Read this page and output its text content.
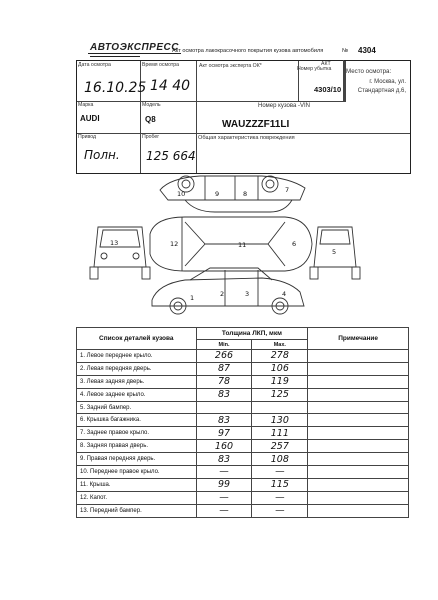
АВТОЭКСПРЕСС
Акт осмотра лакокрасочного покрытия кузова автомобиля	№ 4304
Дата осмотра
16.10.25
Время осмотра
14 40
Акт осмотра эксперта ОК*	Номер убытка
АКТ
4303/10
Место осмотра:
г. Москва, ул. Стандартная д.6,
Марка
AUDI
Модель
Q8
Номер кузова -VIN
WAUZZZF11LI
Привод
Полн.
Пробег
125 664
Общая характеристика повреждения
10	9	8	7
13	12	11	6
5
1	2	3	4
Список деталей кузова	Толщина ЛКП, мкм		Примечание
	Min.	Max.	
1. Левое переднее крыло.	266	278	
2. Левая передняя дверь.	87	106	
3. Левая задняя дверь.	78	119	
4. Левое заднее крыло.	83	125	
5. Задний бампер.			
6. Крышка багажника.	83	130	
7. Заднее правое крыло.	97	111	
8. Задняя правая дверь.	160	257	
9. Правая передняя дверь.	83	108	
10. Переднее правое крыло.	—	—	
11. Крыша.	99	115	
12. Капот.	—	—	
13. Передний бампер.	—	—	
